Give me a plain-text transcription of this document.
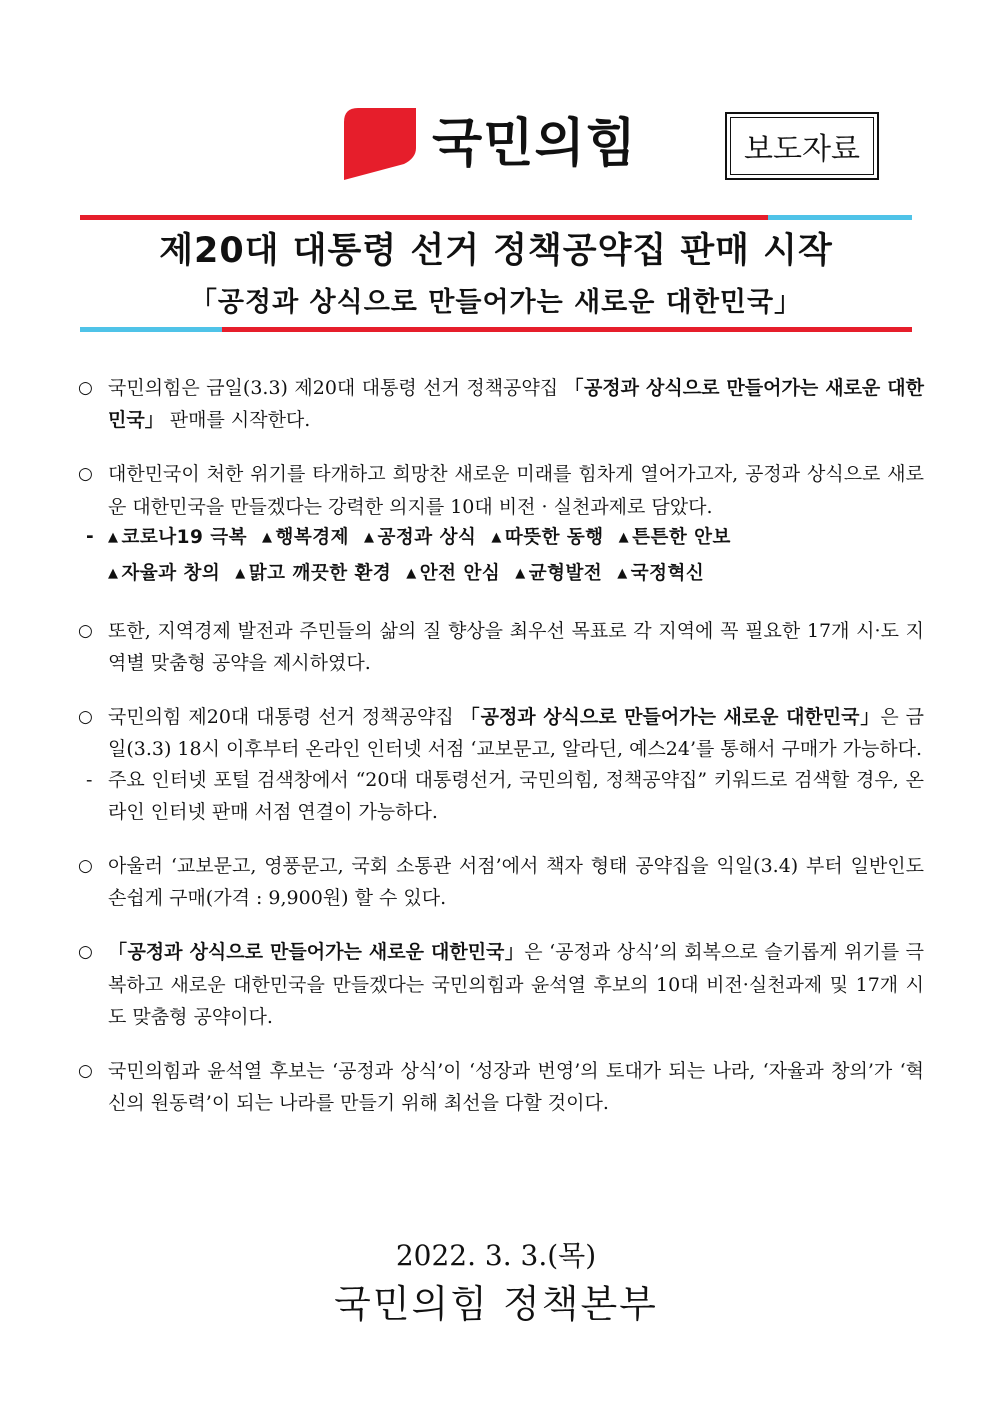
국민의힘	보도자료
제20대 대통령 선거 정책공약집 판매 시작
「공정과 상식으로 만들어가는 새로운 대한민국」
○ 국민의힘은 금일(3.3) 제20대 대통령 선거 정책공약집 「공정과 상식으로 만들어가는 새로운 대한민국」 판매를 시작한다.
○ 대한민국이 처한 위기를 타개하고 희망찬 새로운 미래를 힘차게 열어가고자, 공정과 상식으로 새로운 대한민국을 만들겠다는 강력한 의지를 10대 비전 · 실천과제로 담았다.
- ▲ 코로나19 극복 ▲ 행복경제 ▲ 공정과 상식 ▲ 따뜻한 동행 ▲ 튼튼한 안보
▲ 자율과 창의 ▲ 맑고 깨끗한 환경 ▲ 안전 안심 ▲ 균형발전 ▲ 국정혁신
○ 또한, 지역경제 발전과 주민들의 삶의 질 향상을 최우선 목표로 각 지역에 꼭 필요한 17개 시·도 지역별 맞춤형 공약을 제시하였다.
○ 국민의힘 제20대 대통령 선거 정책공약집 「공정과 상식으로 만들어가는 새로운 대한민국」은 금일(3.3) 18시 이후부터 온라인 인터넷 서점 ‘교보문고, 알라딘, 예스24’를 통해서 구매가 가능하다.
- 주요 인터넷 포털 검색창에서 “20대 대통령선거, 국민의힘, 정책공약집” 키워드로 검색할 경우, 온라인 인터넷 판매 서점 연결이 가능하다.
○ 아울러 ‘교보문고, 영풍문고, 국회 소통관 서점’에서 책자 형태 공약집을 익일(3.4) 부터 일반인도 손쉽게 구매(가격 : 9,900원) 할 수 있다.
○ 「공정과 상식으로 만들어가는 새로운 대한민국」은 ‘공정과 상식’의 회복으로 슬기롭게 위기를 극복하고 새로운 대한민국을 만들겠다는 국민의힘과 윤석열 후보의 10대 비전·실천과제 및 17개 시도 맞춤형 공약이다.
○ 국민의힘과 윤석열 후보는 ‘공정과 상식’이 ‘성장과 번영’의 토대가 되는 나라, ‘자율과 창의’가 ‘혁신의 원동력’이 되는 나라를 만들기 위해 최선을 다할 것이다.
2022. 3. 3.(목)
국민의힘 정책본부
